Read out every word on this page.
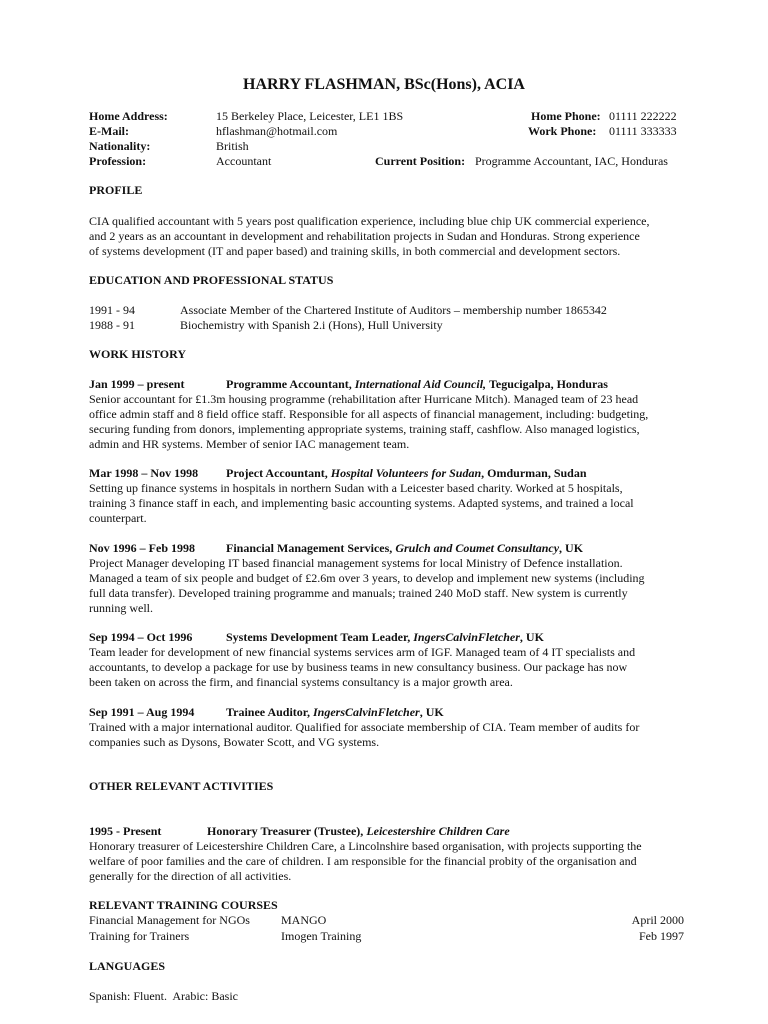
HARRY FLASHMAN, BSc(Hons), ACIA
Home Address:	15 Berkeley Place, Leicester, LE1 1BS	Home Phone: 01111 222222
E-Mail:	hflashman@hotmail.com	Work Phone: 01111 333333
Nationality:	British
Profession:	Accountant	Current Position: Programme Accountant, IAC, Honduras
PROFILE
CIA qualified accountant with 5 years post qualification experience, including blue chip UK commercial experience,
and 2 years as an accountant in development and rehabilitation projects in Sudan and Honduras. Strong experience
of systems development (IT and paper based) and training skills, in both commercial and development sectors.
EDUCATION AND PROFESSIONAL STATUS
1991 - 94	Associate Member of the Chartered Institute of Auditors – membership number 1865342
1988 - 91	Biochemistry with Spanish 2.i (Hons), Hull University
WORK HISTORY
Jan 1999 – present	Programme Accountant, International Aid Council, Tegucigalpa, Honduras
Senior accountant for £1.3m housing programme (rehabilitation after Hurricane Mitch). Managed team of 23 head
office admin staff and 8 field office staff. Responsible for all aspects of financial management, including: budgeting,
securing funding from donors, implementing appropriate systems, training staff, cashflow. Also managed logistics,
admin and HR systems. Member of senior IAC management team.
Mar 1998 – Nov 1998 Project Accountant, Hospital Volunteers for Sudan, Omdurman, Sudan
Setting up finance systems in hospitals in northern Sudan with a Leicester based charity. Worked at 5 hospitals,
training 3 finance staff in each, and implementing basic accounting systems. Adapted systems, and trained a local
counterpart.
Nov 1996 – Feb 1998	Financial Management Services, Grulch and Coumet Consultancy, UK
Project Manager developing IT based financial management systems for local Ministry of Defence installation.
Managed a team of six people and budget of £2.6m over 3 years, to develop and implement new systems (including
full data transfer). Developed training programme and manuals; trained 240 MoD staff. New system is currently
running well.
Sep 1994 – Oct 1996	Systems Development Team Leader, IngersCalvinFletcher, UK
Team leader for development of new financial systems services arm of IGF. Managed team of 4 IT specialists and
accountants, to develop a package for use by business teams in new consultancy business. Our package has now
been taken on across the firm, and financial systems consultancy is a major growth area.
Sep 1991 – Aug 1994	Trainee Auditor, IngersCalvinFletcher, UK
Trained with a major international auditor. Qualified for associate membership of CIA. Team member of audits for
companies such as Dysons, Bowater Scott, and VG systems.
OTHER RELEVANT ACTIVITIES
1995 - Present	Honorary Treasurer (Trustee), Leicestershire Children Care
Honorary treasurer of Leicestershire Children Care, a Lincolnshire based organisation, with projects supporting the
welfare of poor families and the care of children. I am responsible for the financial probity of the organisation and
generally for the direction of all activities.
RELEVANT TRAINING COURSES
Financial Management for NGOs	MANGO	April 2000
Training for Trainers	Imogen Training	Feb 1997
LANGUAGES
Spanish: Fluent.  Arabic: Basic
